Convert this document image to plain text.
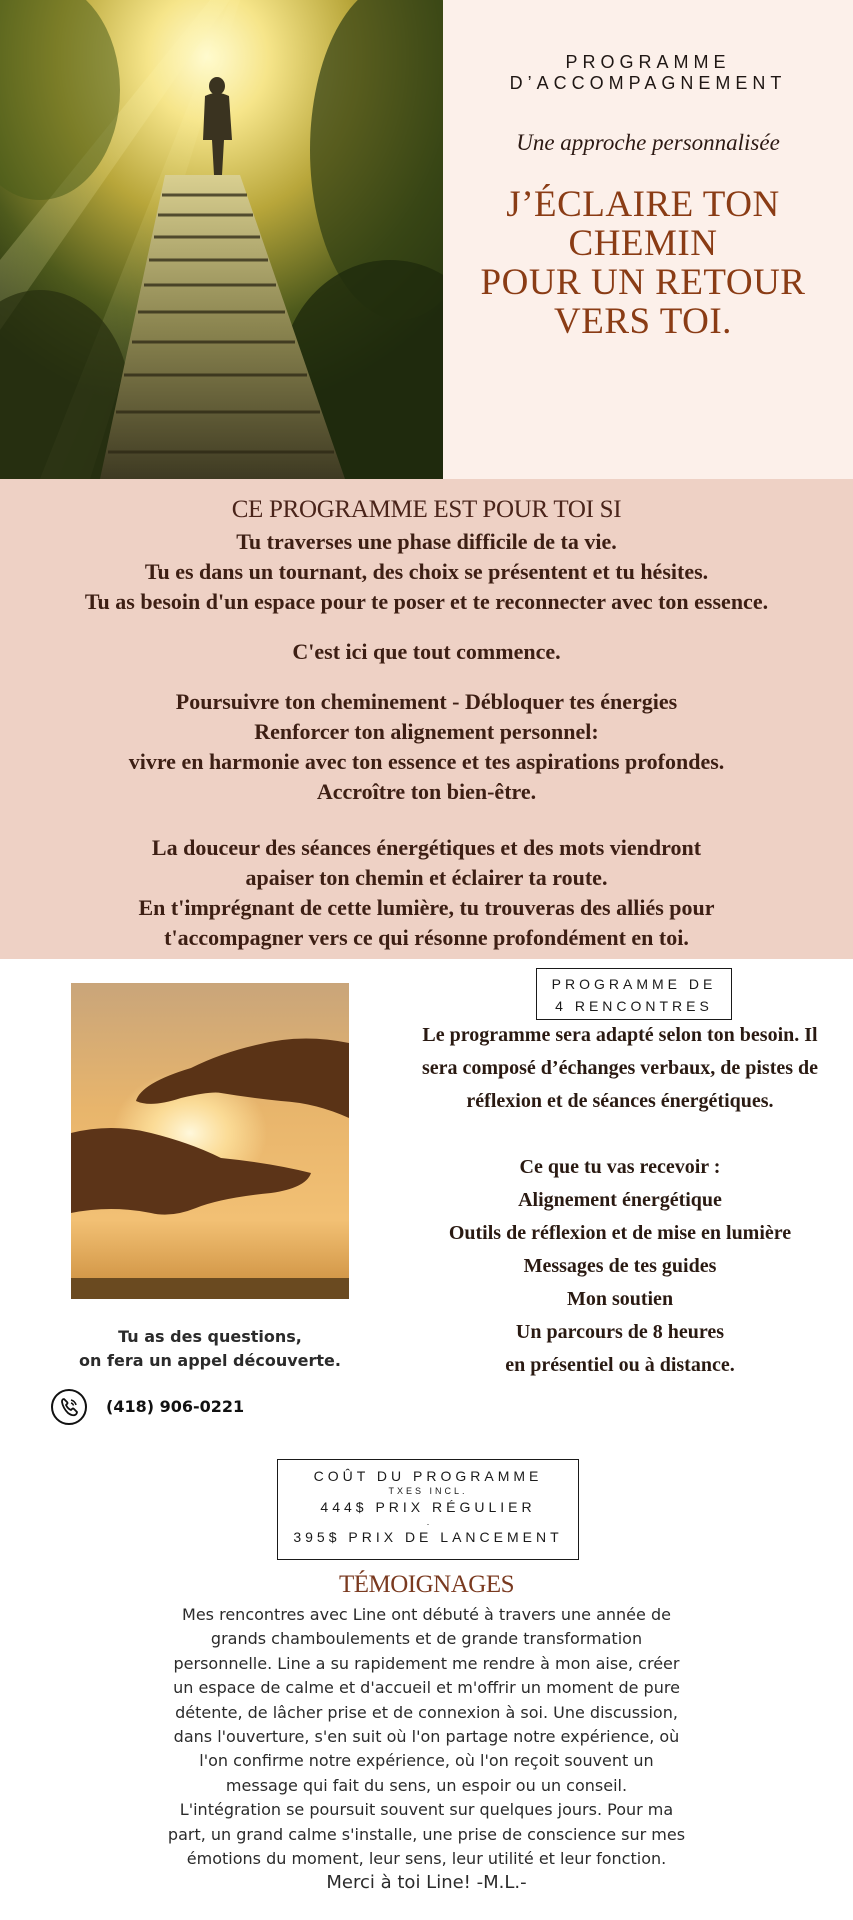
PROGRAMME
D’ACCOMPAGNEMENT
Une approche personnalisée
J’ÉCLAIRE TON
CHEMIN
POUR UN RETOUR
VERS TOI.
CE PROGRAMME EST POUR TOI SI
Tu traverses une phase difficile de ta vie.
Tu es dans un tournant, des choix se présentent et tu hésites.
Tu as besoin d'un espace pour te poser et te reconnecter avec ton essence.
C'est ici que tout commence.
Poursuivre ton cheminement - Débloquer tes énergies
Renforcer ton alignement personnel:
vivre en harmonie avec ton essence et tes aspirations profondes.
Accroître ton bien-être.
La douceur des séances énergétiques et des mots viendront
apaiser ton chemin et éclairer ta route.
En t'imprégnant de cette lumière, tu trouveras des alliés pour
t'accompagner vers ce qui résonne profondément en toi.
Tu as des questions,
on fera un appel découverte.
(418) 906-0221
PROGRAMME DE
4 RENCONTRES
Le programme sera adapté selon ton besoin. Il
sera composé d’échanges verbaux, de pistes de
réflexion et de séances énergétiques.
Ce que tu vas recevoir :
Alignement énergétique
Outils de réflexion et de mise en lumière
Messages de tes guides
Mon soutien
Un parcours de 8 heures
en présentiel ou à distance.
COÛT DU PROGRAMME
TXES INCL.
444$ PRIX RÉGULIER
.
395$ PRIX DE LANCEMENT
TÉMOIGNAGES
Mes rencontres avec Line ont débuté à travers une année de
grands chamboulements et de grande transformation
personnelle. Line a su rapidement me rendre à mon aise, créer
un espace de calme et d'accueil et m'offrir un moment de pure
détente, de lâcher prise et de connexion à soi. Une discussion,
dans l'ouverture, s'en suit où l'on partage notre expérience, où
l'on confirme notre expérience, où l'on reçoit souvent un
message qui fait du sens, un espoir ou un conseil.
L'intégration se poursuit souvent sur quelques jours. Pour ma
part, un grand calme s'installe, une prise de conscience sur mes
émotions du moment, leur sens, leur utilité et leur fonction.
Merci à toi Line! -M.L.-
